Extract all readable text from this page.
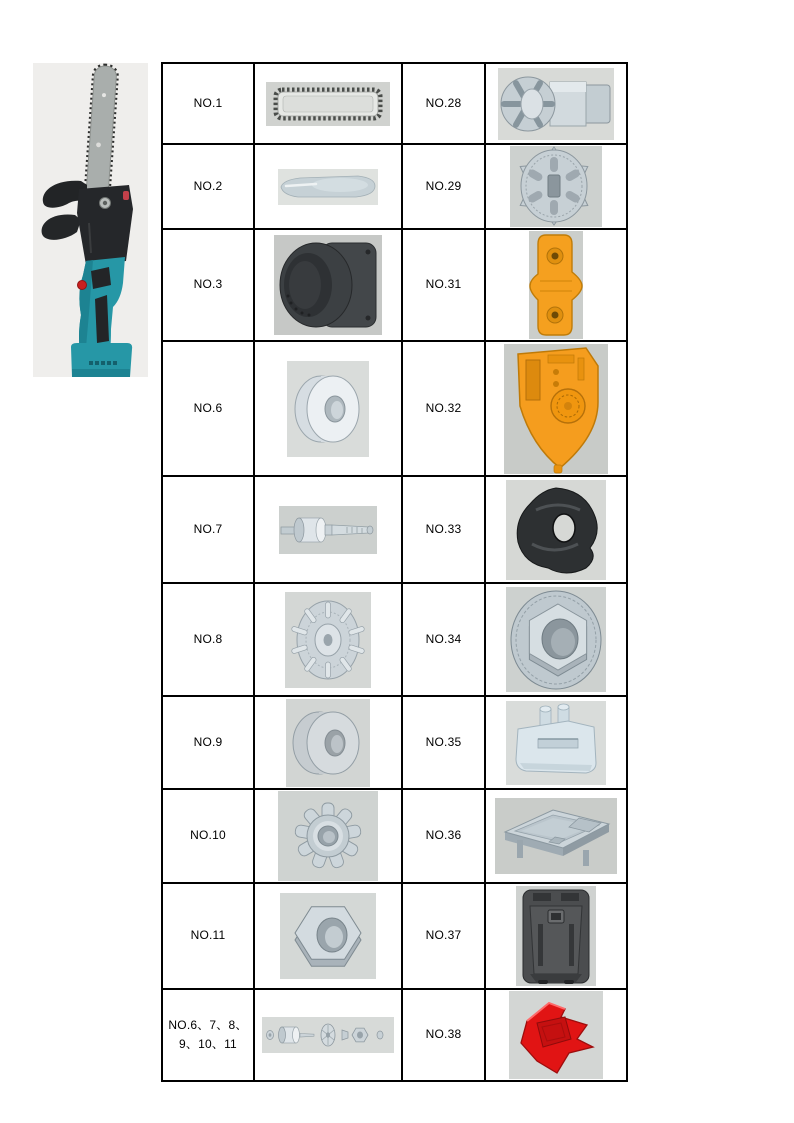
NO.1		NO.28	

NO.2		NO.29	

NO.3		NO.31	

NO.6		NO.32	

NO.7		NO.33	

NO.8		NO.34	

NO.9		NO.35	

NO.10		NO.36	

NO.11		NO.37	

NO.6、7、8、
9、10、11		NO.38	
